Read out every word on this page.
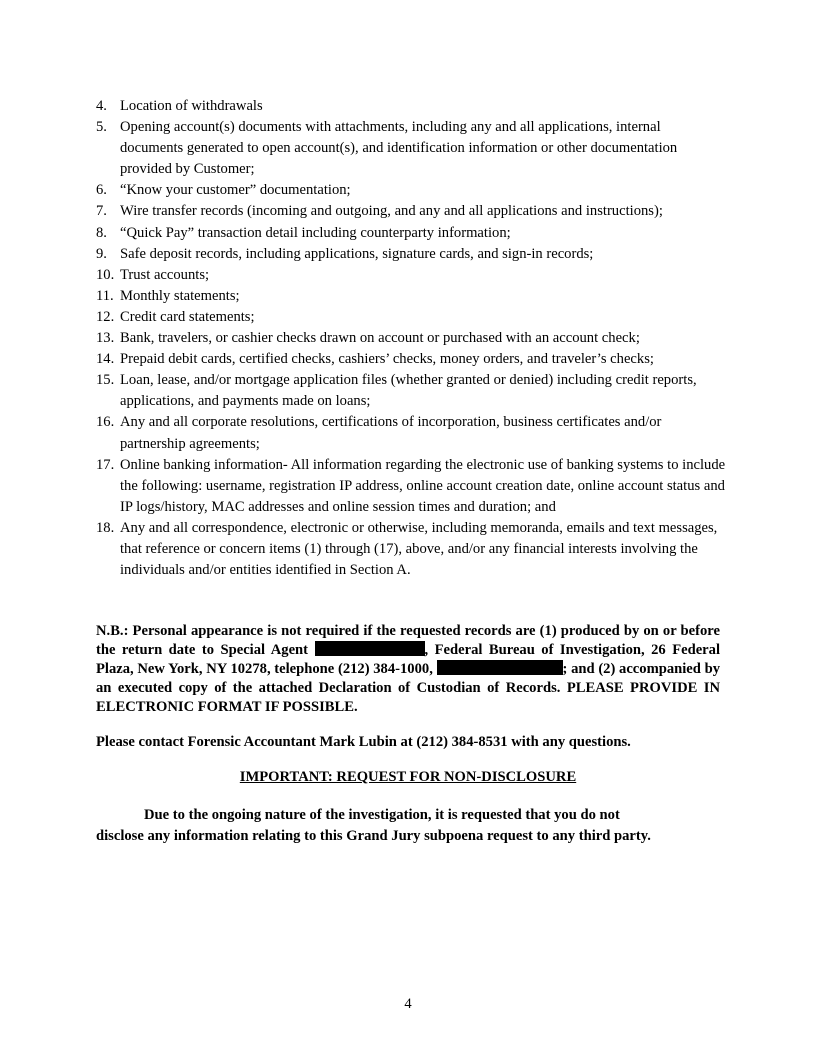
4. Location of withdrawals
5. Opening account(s) documents with attachments, including any and all applications, internal documents generated to open account(s), and identification information or other documentation provided by Customer;
6. “Know your customer” documentation;
7. Wire transfer records (incoming and outgoing, and any and all applications and instructions);
8. “Quick Pay” transaction detail including counterparty information;
9. Safe deposit records, including applications, signature cards, and sign-in records;
10. Trust accounts;
11. Monthly statements;
12. Credit card statements;
13. Bank, travelers, or cashier checks drawn on account or purchased with an account check;
14. Prepaid debit cards, certified checks, cashiers’ checks, money orders, and traveler’s checks;
15. Loan, lease, and/or mortgage application files (whether granted or denied) including credit reports, applications, and payments made on loans;
16. Any and all corporate resolutions, certifications of incorporation, business certificates and/or partnership agreements;
17. Online banking information- All information regarding the electronic use of banking systems to include the following: username, registration IP address, online account creation date, online account status and IP logs/history, MAC addresses and online session times and duration; and
18. Any and all correspondence, electronic or otherwise, including memoranda, emails and text messages, that reference or concern items (1) through (17), above, and/or any financial interests involving the individuals and/or entities identified in Section A.
N.B.: Personal appearance is not required if the requested records are (1) produced by on or before the return date to Special Agent	, Federal Bureau of Investigation, 26 Federal Plaza, New York, NY 10278, telephone (212) 384-1000,	; and (2) accompanied by an executed copy of the attached Declaration of Custodian of Records. PLEASE PROVIDE IN ELECTRONIC FORMAT IF POSSIBLE.
Please contact Forensic Accountant Mark Lubin at (212) 384-8531 with any questions.
IMPORTANT: REQUEST FOR NON-DISCLOSURE
Due to the ongoing nature of the investigation, it is requested that you do not
disclose any information relating to this Grand Jury subpoena request to any third party.
4
